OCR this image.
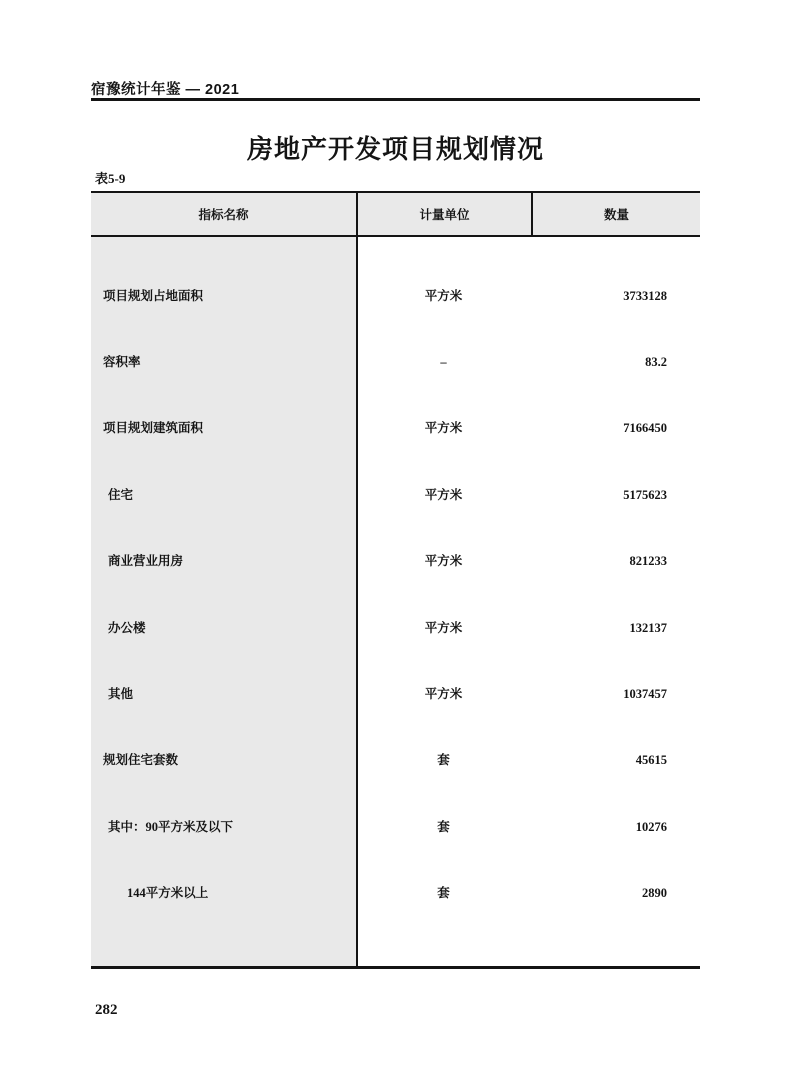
宿豫统计年鉴 — 2021
房地产开发项目规划情况
表5-9
指标名称	计量单位	数量
项目规划占地面积	平方米	3733128
容积率	–	83.2
项目规划建筑面积	平方米	7166450
住宅	平方米	5175623
商业营业用房	平方米	821233
办公楼	平方米	132137
其他	平方米	1037457
规划住宅套数	套	45615
其中：90平方米及以下	套	10276
144平方米以上	套	2890
282
